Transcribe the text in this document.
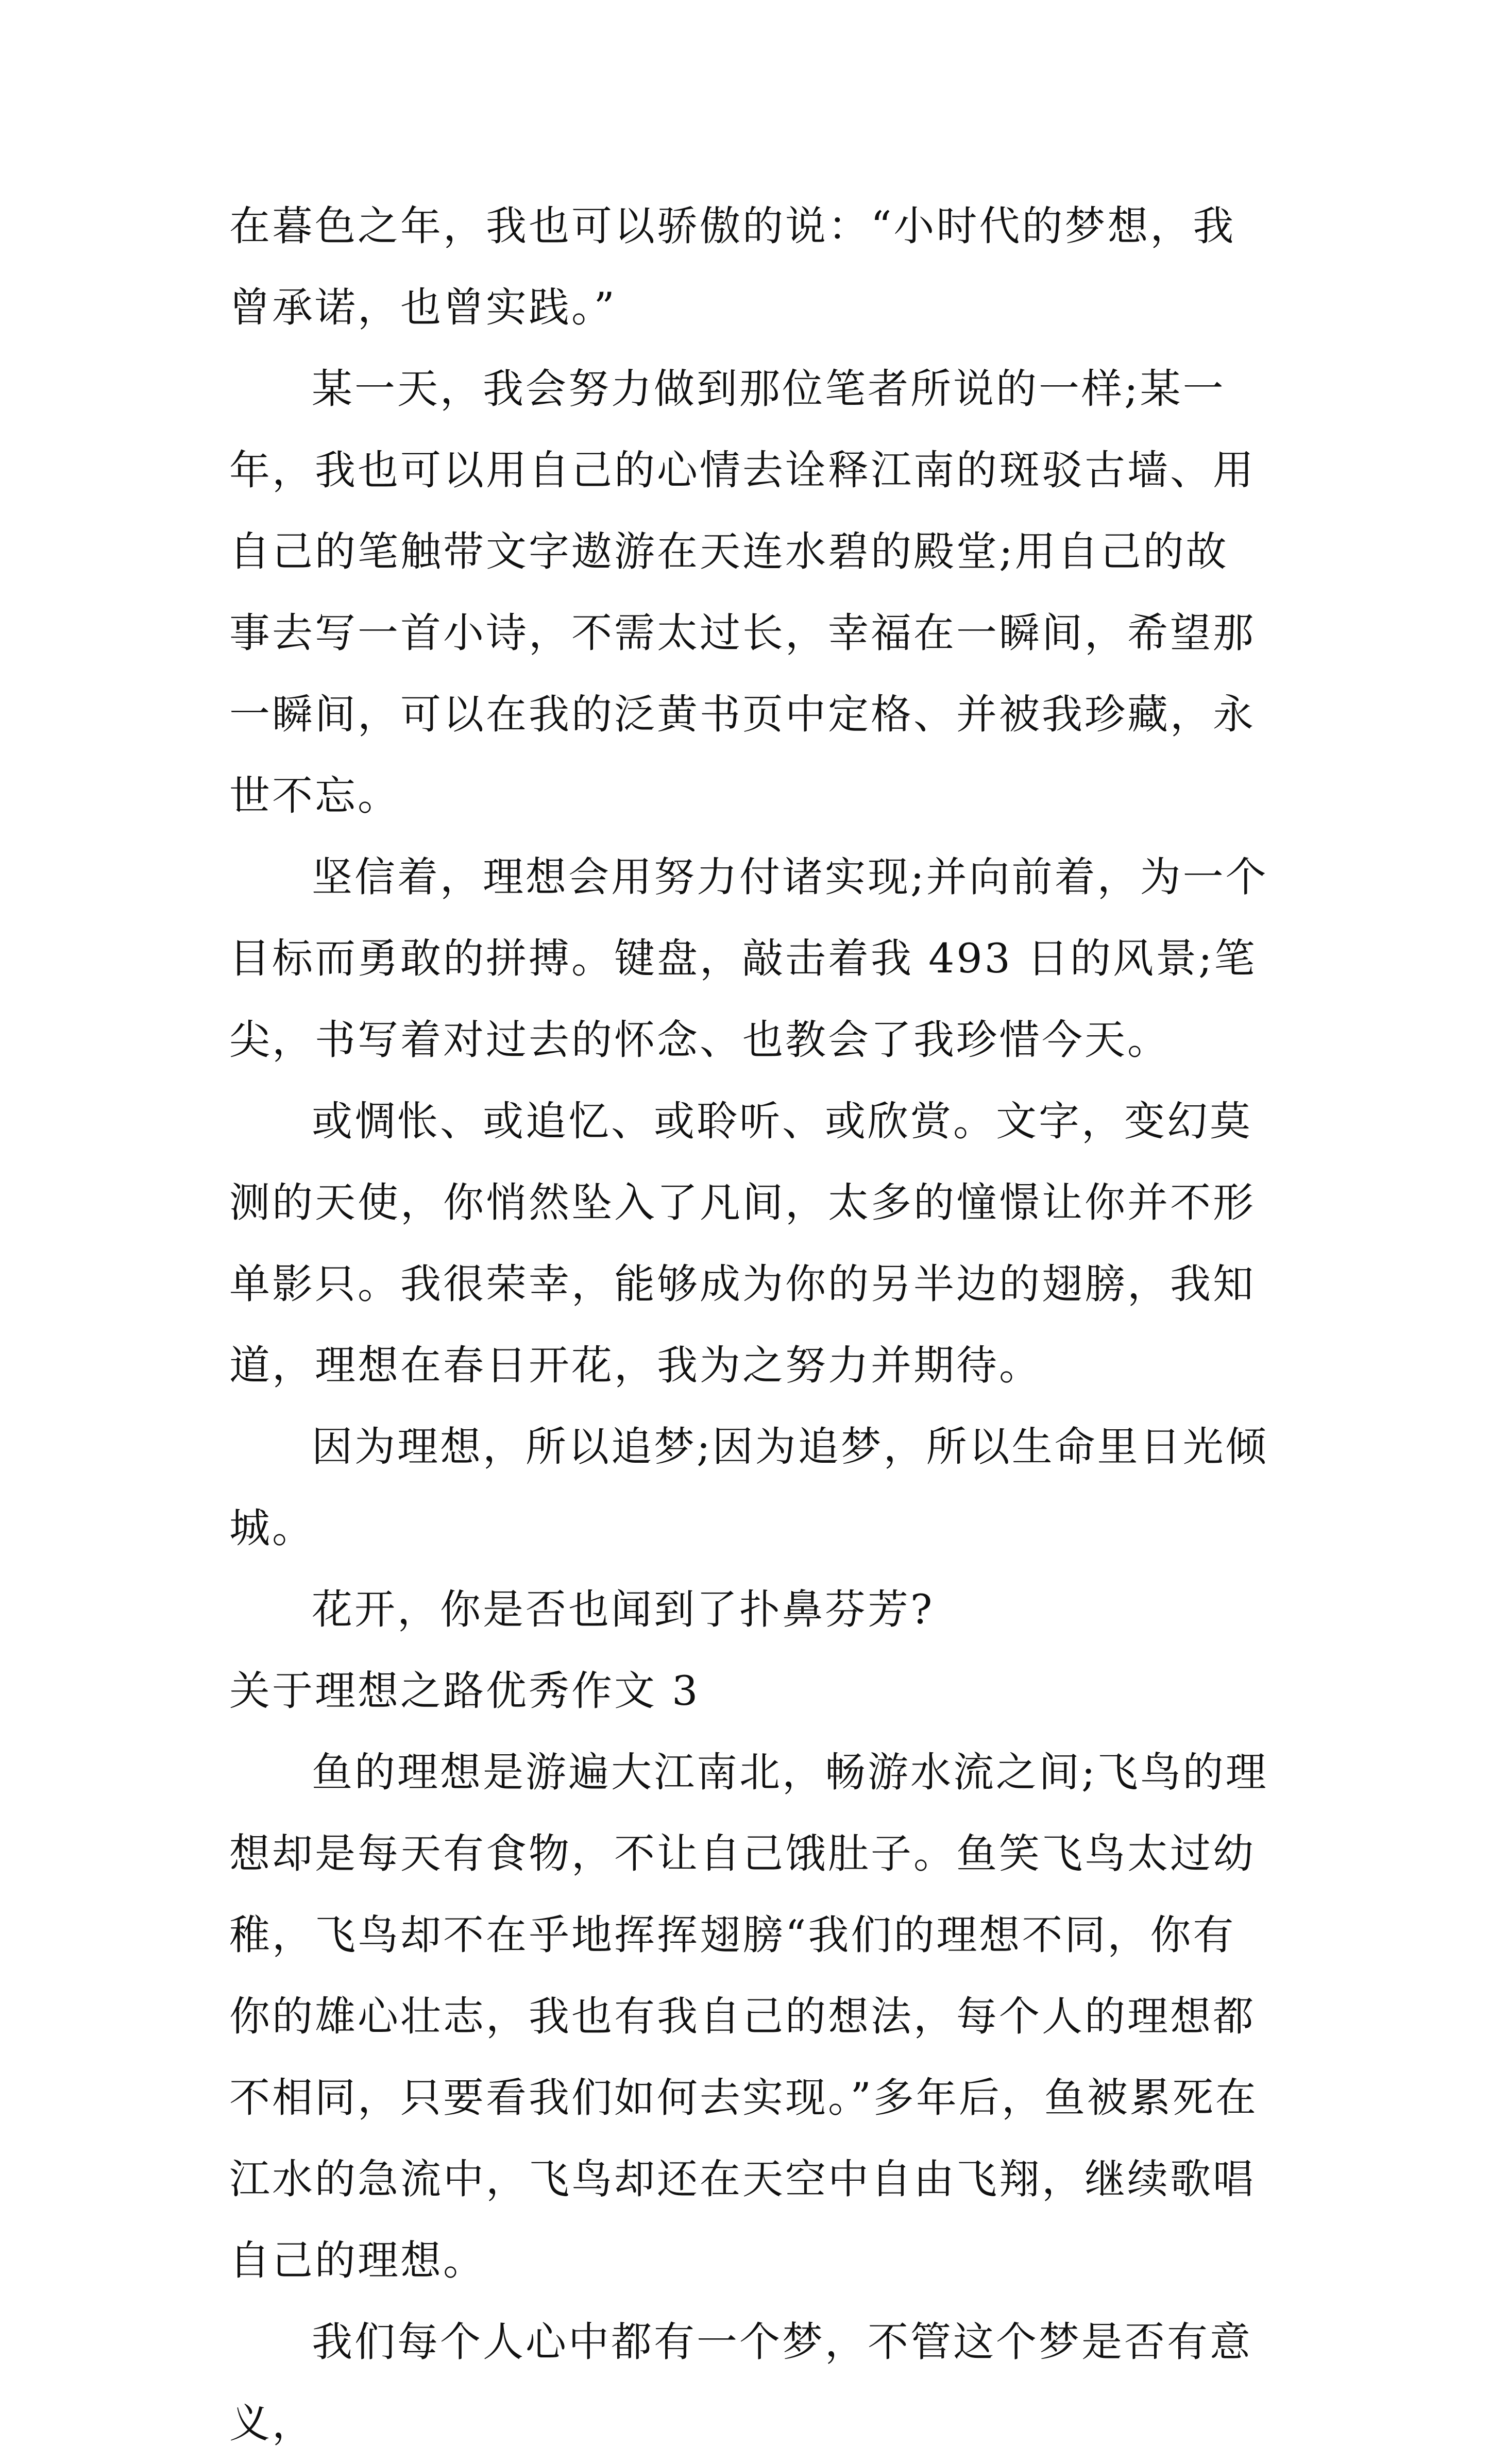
在暮色之年，我也可以骄傲的说：“小时代的梦想，我曾承诺，也曾实践。”

某一天，我会努力做到那位笔者所说的一样;某一年，我也可以用自己的心情去诠释江南的斑驳古墙、用自己的笔触带文字遨游在天连水碧的殿堂;用自己的故事去写一首小诗，不需太过长，幸福在一瞬间，希望那一瞬间，可以在我的泛黄书页中定格、并被我珍藏，永世不忘。

坚信着，理想会用努力付诸实现;并向前着，为一个目标而勇敢的拼搏。键盘，敲击着我 493 日的风景;笔尖，书写着对过去的怀念、也教会了我珍惜今天。

或惆怅、或追忆、或聆听、或欣赏。文字，变幻莫测的天使，你悄然坠入了凡间，太多的憧憬让你并不形单影只。我很荣幸，能够成为你的另半边的翅膀，我知道，理想在春日开花，我为之努力并期待。

因为理想，所以追梦;因为追梦，所以生命里日光倾城。

花开，你是否也闻到了扑鼻芬芳?

关于理想之路优秀作文 3

鱼的理想是游遍大江南北，畅游水流之间;飞鸟的理想却是每天有食物，不让自己饿肚子。鱼笑飞鸟太过幼稚，飞鸟却不在乎地挥挥翅膀“我们的理想不同，你有你的雄心壮志，我也有我自己的想法，每个人的理想都不相同，只要看我们如何去实现。”多年后，鱼被累死在江水的急流中，飞鸟却还在天空中自由飞翔，继续歌唱自己的理想。

我们每个人心中都有一个梦，不管这个梦是否有意义，
